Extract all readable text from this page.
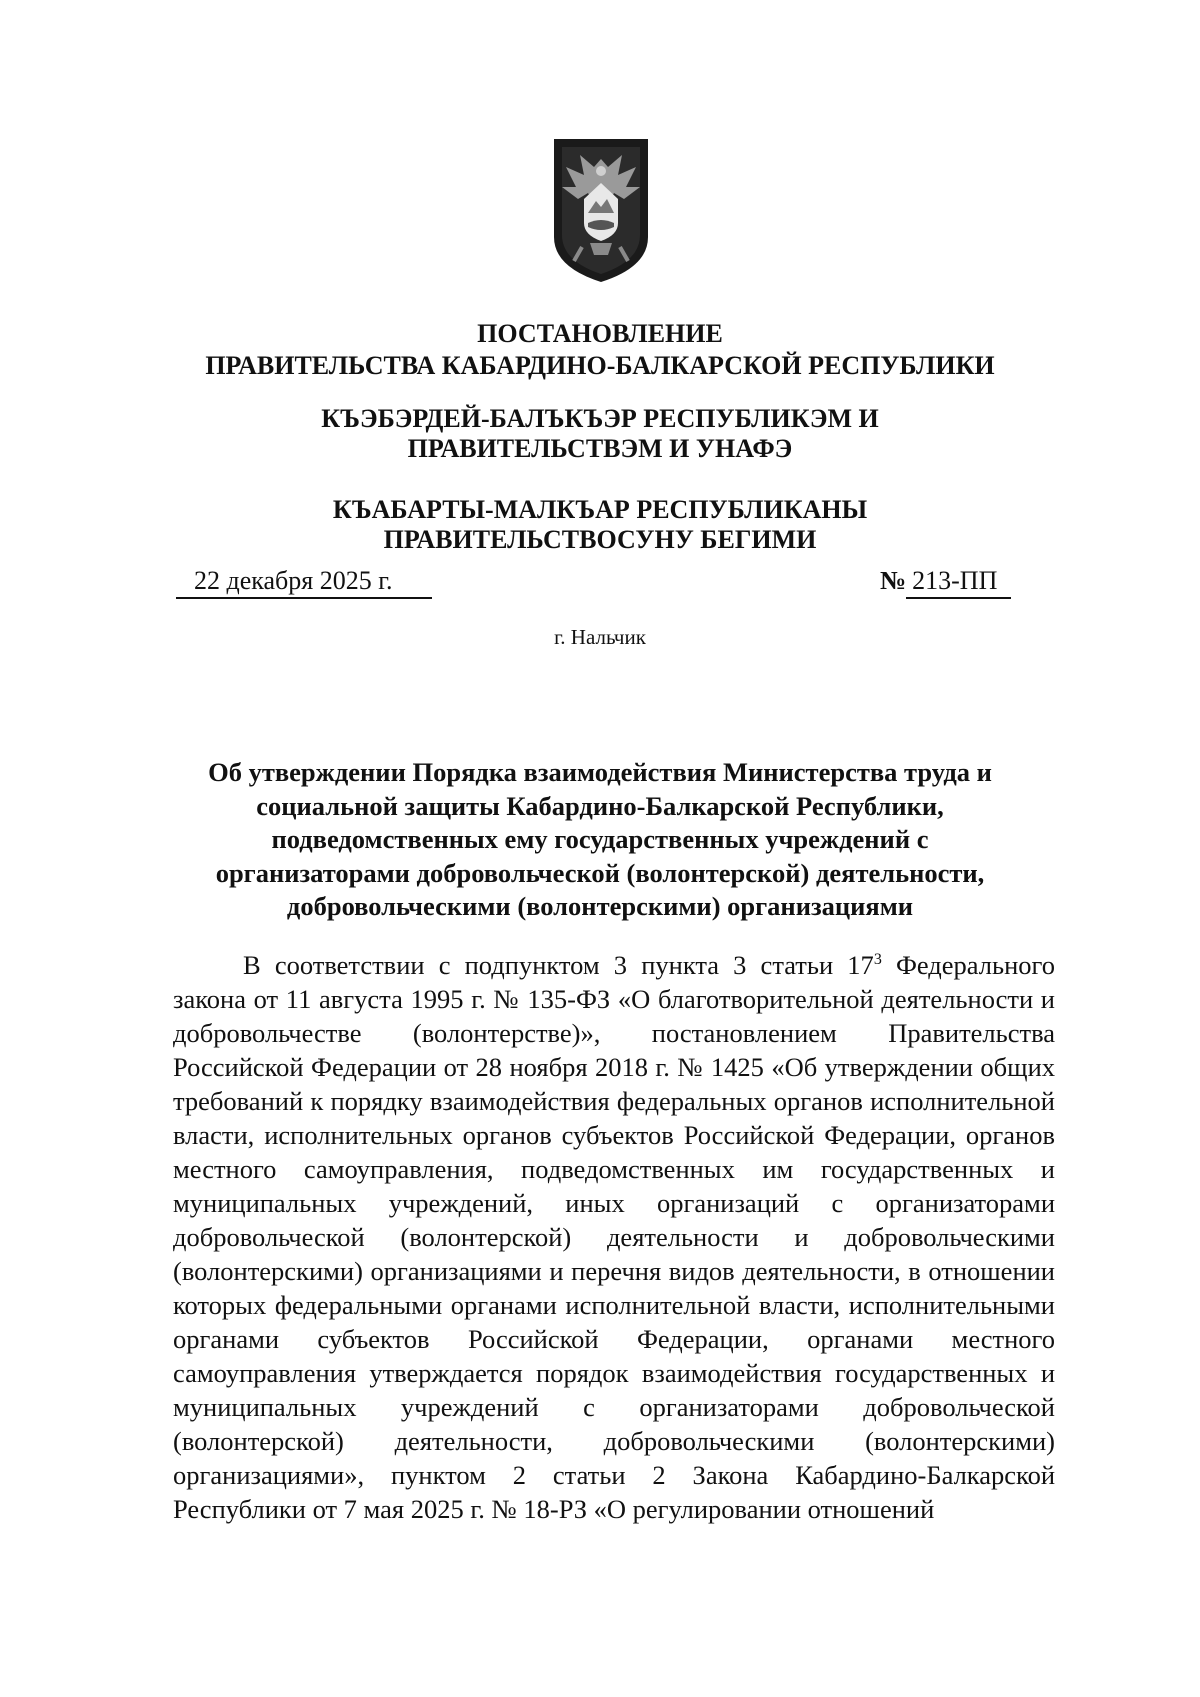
ПОСТАНОВЛЕНИЕ
ПРАВИТЕЛЬСТВА КАБАРДИНО-БАЛКАРСКОЙ РЕСПУБЛИКИ
КЪЭБЭРДЕЙ-БАЛЪКЪЭР РЕСПУБЛИКЭМ И ПРАВИТЕЛЬСТВЭМ И УНАФЭ
КЪАБАРТЫ-МАЛКЪАР РЕСПУБЛИКАНЫ ПРАВИТЕЛЬСТВОСУНУ БЕГИМИ
22 декабря 2025 г.	№ 213-ПП
г. Нальчик
Об утверждении Порядка взаимодействия Министерства труда и социальной защиты Кабардино-Балкарской Республики, подведомственных ему государственных учреждений с организаторами добровольческой (волонтерской) деятельности, добровольческими (волонтерскими) организациями

В соответствии с подпунктом 3 пункта 3 статьи $17^3$ Федерального закона от 11 августа 1995 г. № 135-ФЗ «О благотворительной деятельности и добровольчестве (волонтерстве)», постановлением Правительства Российской Федерации от 28 ноября 2018 г. № 1425 «Об утверждении общих требований к порядку взаимодействия федеральных органов исполнительной власти, исполнительных органов субъектов Российской Федерации, органов местного самоуправления, подведомственных им государственных и муниципальных учреждений, иных организаций с организаторами добровольческой (волонтерской) деятельности и добровольческими (волонтерскими) организациями и перечня видов деятельности, в отношении которых федеральными органами исполнительной власти, исполнительными органами субъектов Российской Федерации, органами местного самоуправления утверждается порядок взаимодействия государственных и муниципальных учреждений с организаторами добровольческой (волонтерской) деятельности, добровольческими (волонтерскими) организациями», пунктом 2 статьи 2 Закона Кабардино-Балкарской Республики от 7 мая 2025 г. № 18-РЗ «О регулировании отношений
